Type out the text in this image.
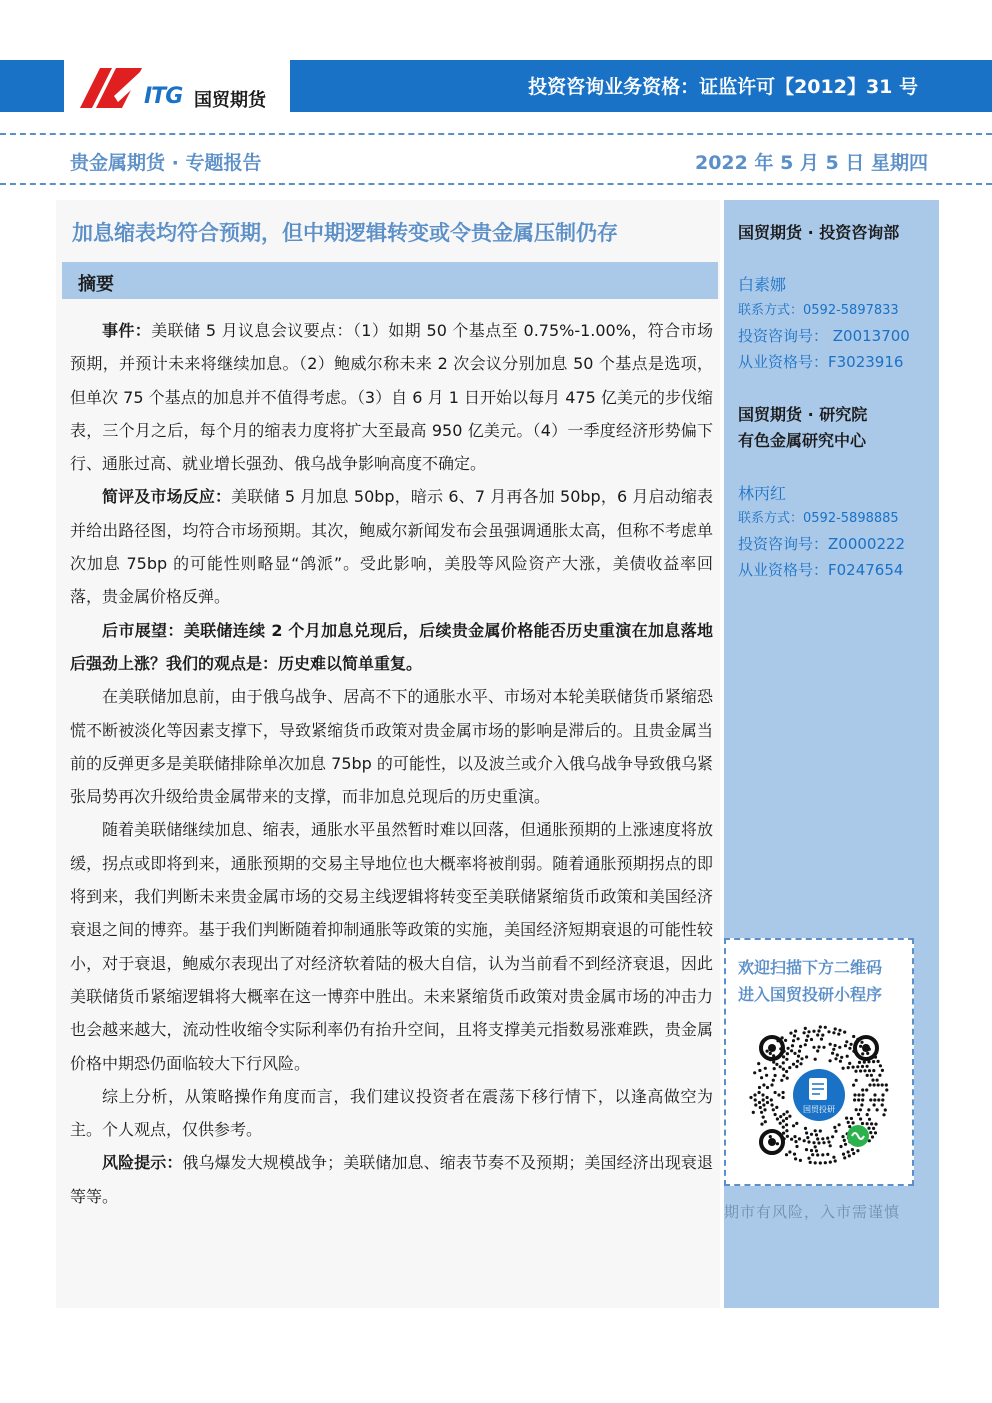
ITG 国贸期货
投资咨询业务资格：证监许可【2012】31 号
贵金属期货 · 专题报告	2022 年 5 月 5 日 星期四
加息缩表均符合预期，但中期逻辑转变或令贵金属压制仍存
摘要

事件：美联储 5 月议息会议要点：（1）如期 50 个基点至 0.75%-1.00%，符合市场预期，并预计未来将继续加息。（2）鲍威尔称未来 2 次会议分别加息 50 个基点是选项，但单次 75 个基点的加息并不值得考虑。（3）自 6 月 1 日开始以每月 475 亿美元的步伐缩表，三个月之后，每个月的缩表力度将扩大至最高 950 亿美元。（4）一季度经济形势偏下行、通胀过高、就业增长强劲、俄乌战争影响高度不确定。

简评及市场反应：美联储 5 月加息 50bp，暗示 6、7 月再各加 50bp，6 月启动缩表并给出路径图，均符合市场预期。其次，鲍威尔新闻发布会虽强调通胀太高，但称不考虑单次加息 75bp 的可能性则略显“鸽派”。受此影响，美股等风险资产大涨，美债收益率回落，贵金属价格反弹。

后市展望：美联储连续 2 个月加息兑现后，后续贵金属价格能否历史重演在加息落地后强劲上涨？我们的观点是：历史难以简单重复。

在美联储加息前，由于俄乌战争、居高不下的通胀水平、市场对本轮美联储货币紧缩恐慌不断被淡化等因素支撑下，导致紧缩货币政策对贵金属市场的影响是滞后的。且贵金属当前的反弹更多是美联储排除单次加息 75bp 的可能性，以及波兰或介入俄乌战争导致俄乌紧张局势再次升级给贵金属带来的支撑，而非加息兑现后的历史重演。

随着美联储继续加息、缩表，通胀水平虽然暂时难以回落，但通胀预期的上涨速度将放缓，拐点或即将到来，通胀预期的交易主导地位也大概率将被削弱。随着通胀预期拐点的即将到来，我们判断未来贵金属市场的交易主线逻辑将转变至美联储紧缩货币政策和美国经济衰退之间的博弈。基于我们判断随着抑制通胀等政策的实施，美国经济短期衰退的可能性较小，对于衰退，鲍威尔表现出了对经济软着陆的极大自信，认为当前看不到经济衰退，因此美联储货币紧缩逻辑将大概率在这一博弈中胜出。未来紧缩货币政策对贵金属市场的冲击力也会越来越大，流动性收缩令实际利率仍有抬升空间，且将支撑美元指数易涨难跌，贵金属价格中期恐仍面临较大下行风险。

综上分析，从策略操作角度而言，我们建议投资者在震荡下移行情下，以逢高做空为主。个人观点，仅供参考。

风险提示：俄乌爆发大规模战争；美联储加息、缩表节奏不及预期；美国经济出现衰退等等。

国贸期货 · 投资咨询部
白素娜
联系方式：0592-5897833
投资咨询号： Z0013700
从业资格号：F3023916
国贸期货 · 研究院
有色金属研究中心
林丙红
联系方式：0592-5898885
投资咨询号：Z0000222
从业资格号：F0247654
欢迎扫描下方二维码
进入国贸投研小程序
国贸投研
期市有风险，入市需谨慎
